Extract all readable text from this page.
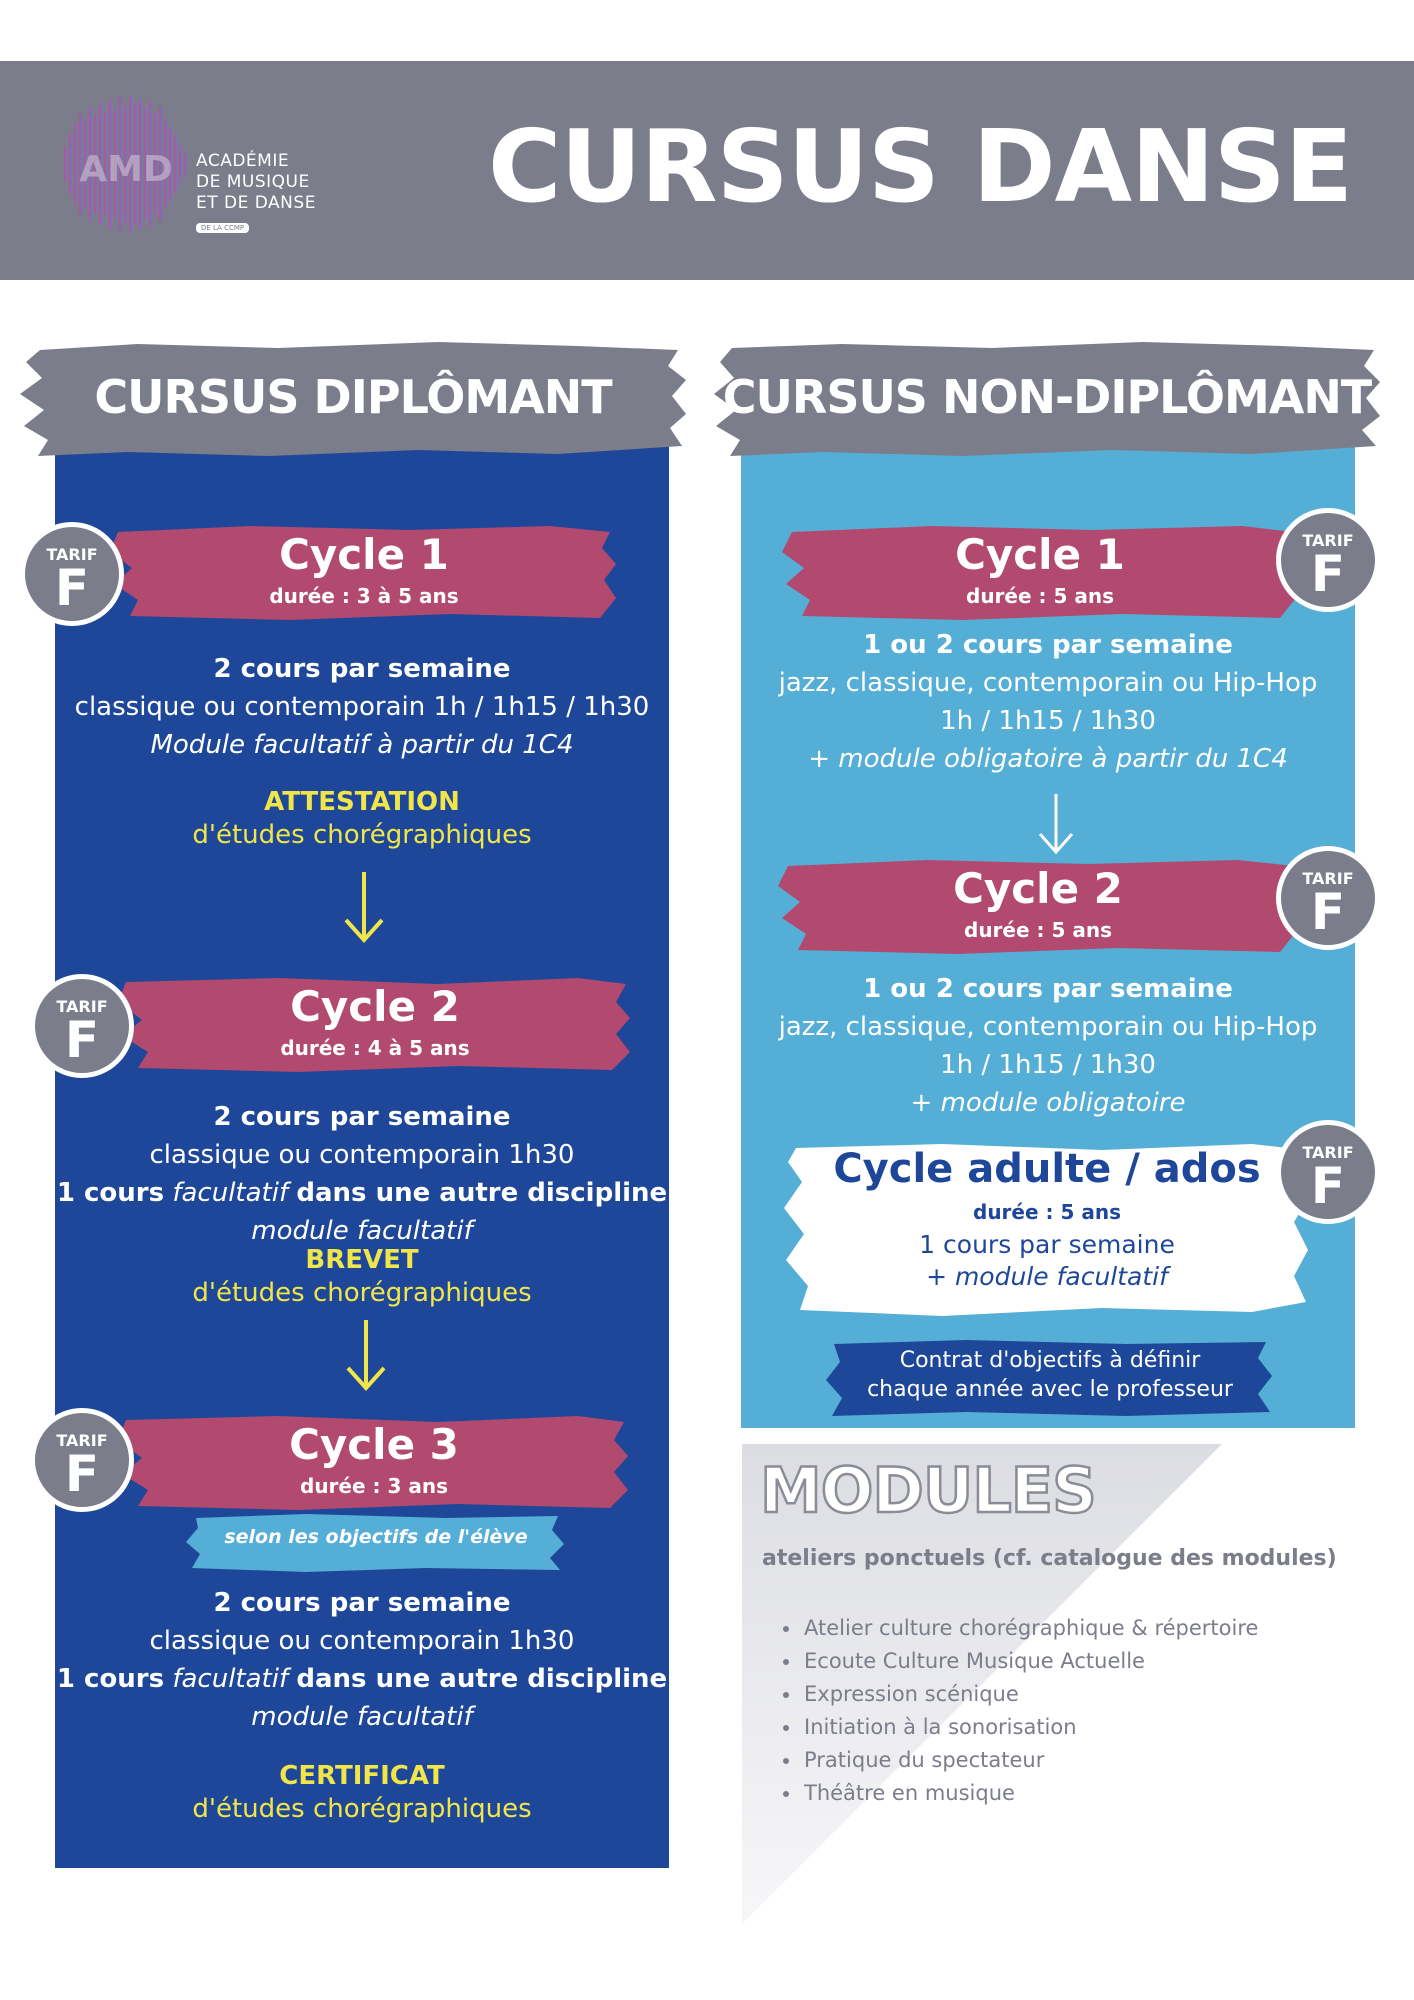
AMD ACADÉMIE
DE MUSIQUE
ET DE DANSE
DE LA CCMP
CURSUS DANSE
CURSUS DIPLÔMANT	CURSUS NON-DIPLÔMANT
Cycle 1
durée : 3 à 5 ans
TARIF
F
2 cours par semaine
classique ou contemporain 1h / 1h15 / 1h30
Module facultatif à partir du 1C4
ATTESTATION
d'études chorégraphiques
Cycle 2
durée : 4 à 5 ans
TARIF
F
2 cours par semaine
classique ou contemporain 1h30
1 cours facultatif dans une autre discipline
module facultatif
BREVET
d'études chorégraphiques
Cycle 3
durée : 3 ans
TARIF
F
selon les objectifs de l'élève
2 cours par semaine
classique ou contemporain 1h30
1 cours facultatif dans une autre discipline
module facultatif
CERTIFICAT
d'études chorégraphiques
Cycle 1
durée : 5 ans
TARIF
F
1 ou 2 cours par semaine
jazz, classique, contemporain ou Hip-Hop
1h / 1h15 / 1h30
+ module obligatoire à partir du 1C4
Cycle 2
durée : 5 ans
TARIF
F
1 ou 2 cours par semaine
jazz, classique, contemporain ou Hip-Hop
1h / 1h15 / 1h30
+ module obligatoire
Cycle adulte / ados
durée : 5 ans
1 cours par semaine
+ module facultatif
TARIF
F
Contrat d'objectifs à définir
chaque année avec le professeur
MODULES
ateliers ponctuels (cf. catalogue des modules)
• Atelier culture chorégraphique & répertoire
• Ecoute Culture Musique Actuelle
• Expression scénique
• Initiation à la sonorisation
• Pratique du spectateur
• Théâtre en musique
